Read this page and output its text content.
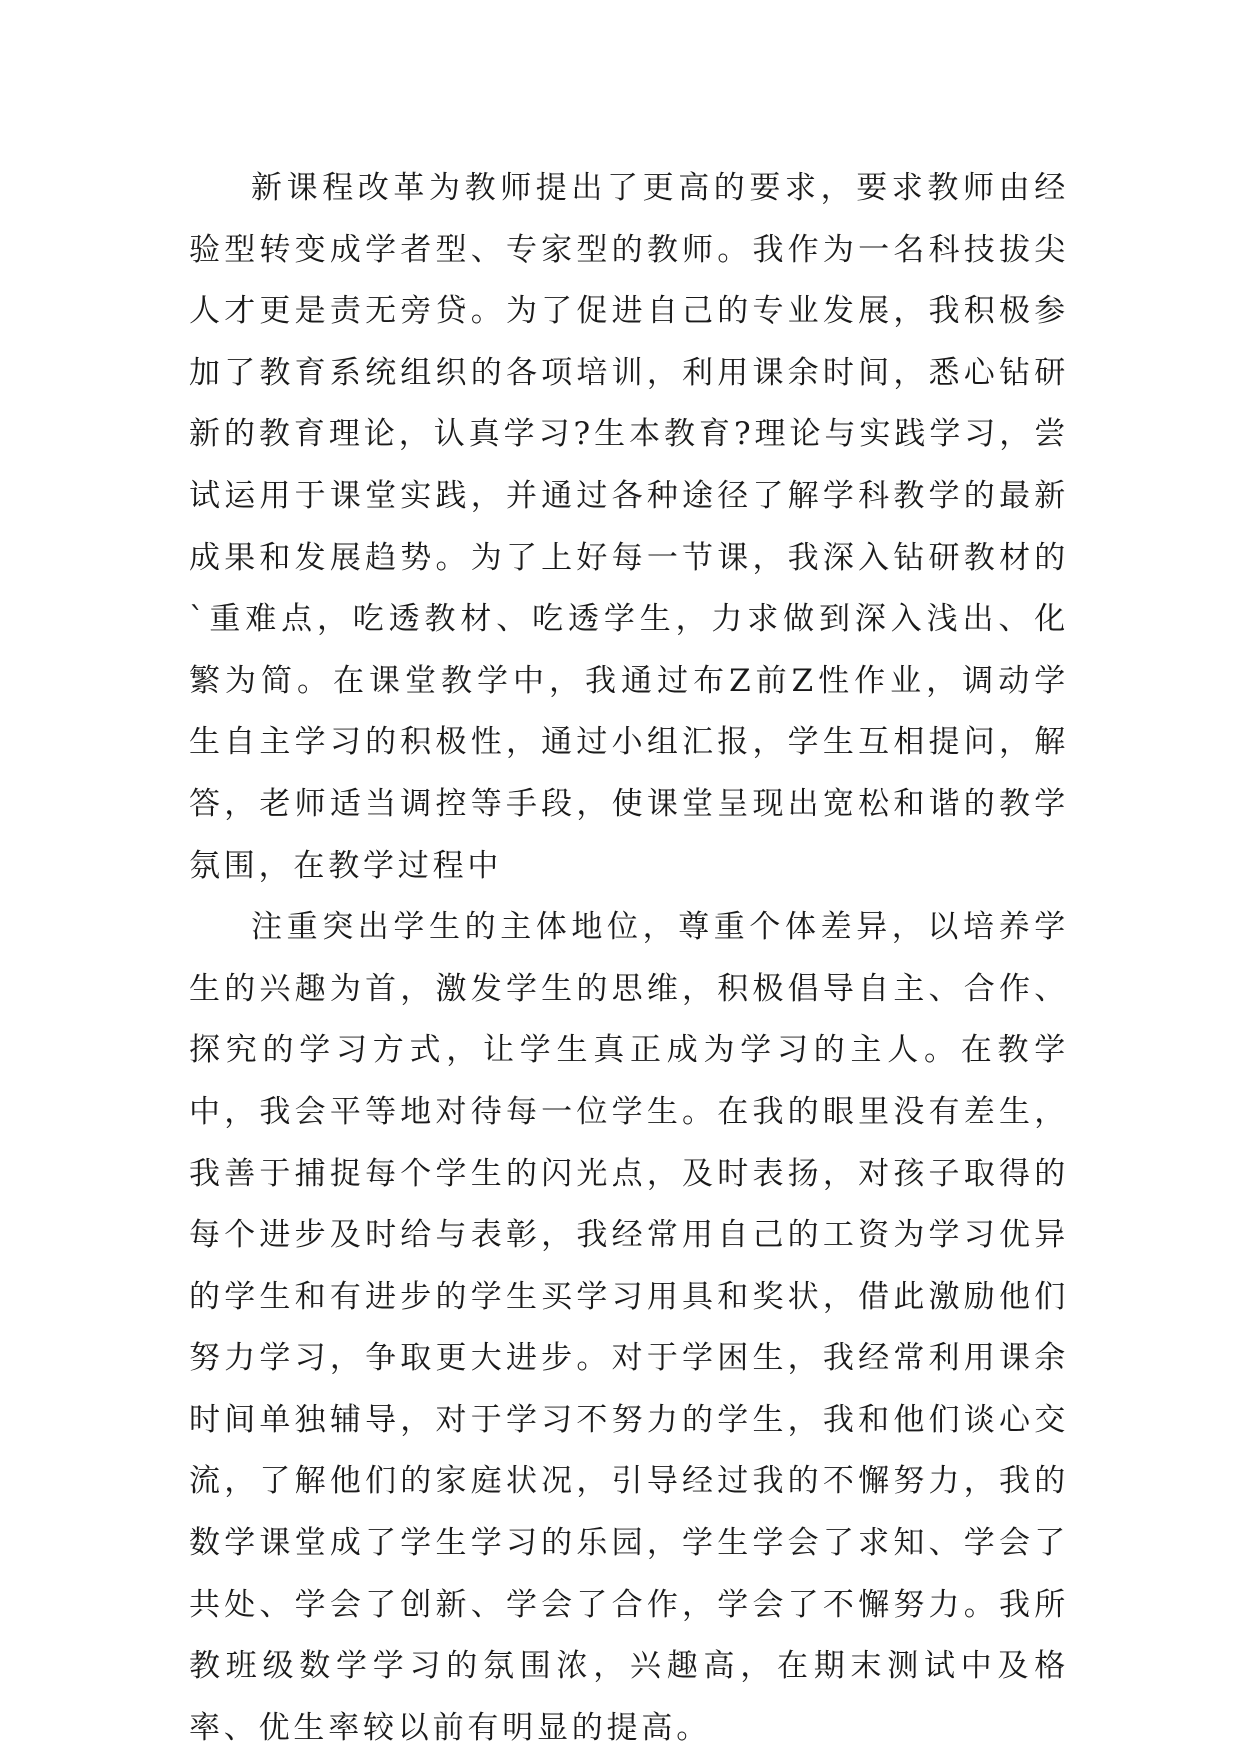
新课程改革为教师提出了更高的要求，要求教师由经验型转变成学者型、专家型的教师。我作为一名科技拔尖人才更是责无旁贷。为了促进自己的专业发展，我积极参加了教育系统组织的各项培训，利用课余时间，悉心钻研新的教育理论，认真学习?生本教育?理论与实践学习，尝试运用于课堂实践，并通过各种途径了解学科教学的最新成果和发展趋势。为了上好每一节课，我深入钻研教材的`重难点，吃透教材、吃透学生，力求做到深入浅出、化繁为简。在课堂教学中，我通过布Z前Z性作业，调动学生自主学习的积极性，通过小组汇报，学生互相提问，解答，老师适当调控等手段，使课堂呈现出宽松和谐的教学氛围，在教学过程中

注重突出学生的主体地位，尊重个体差异，以培养学生的兴趣为首，激发学生的思维，积极倡导自主、合作、探究的学习方式，让学生真正成为学习的主人。在教学中，我会平等地对待每一位学生。在我的眼里没有差生，我善于捕捉每个学生的闪光点，及时表扬，对孩子取得的每个进步及时给与表彰，我经常用自己的工资为学习优异的学生和有进步的学生买学习用具和奖状，借此激励他们努力学习，争取更大进步。对于学困生，我经常利用课余时间单独辅导，对于学习不努力的学生，我和他们谈心交流，了解他们的家庭状况，引导经过我的不懈努力，我的数学课堂成了学生学习的乐园，学生学会了求知、学会了共处、学会了创新、学会了合作，学会了不懈努力。我所教班级数学学习的氛围浓，兴趣高，在期末测试中及格率、优生率较以前有明显的提高。
